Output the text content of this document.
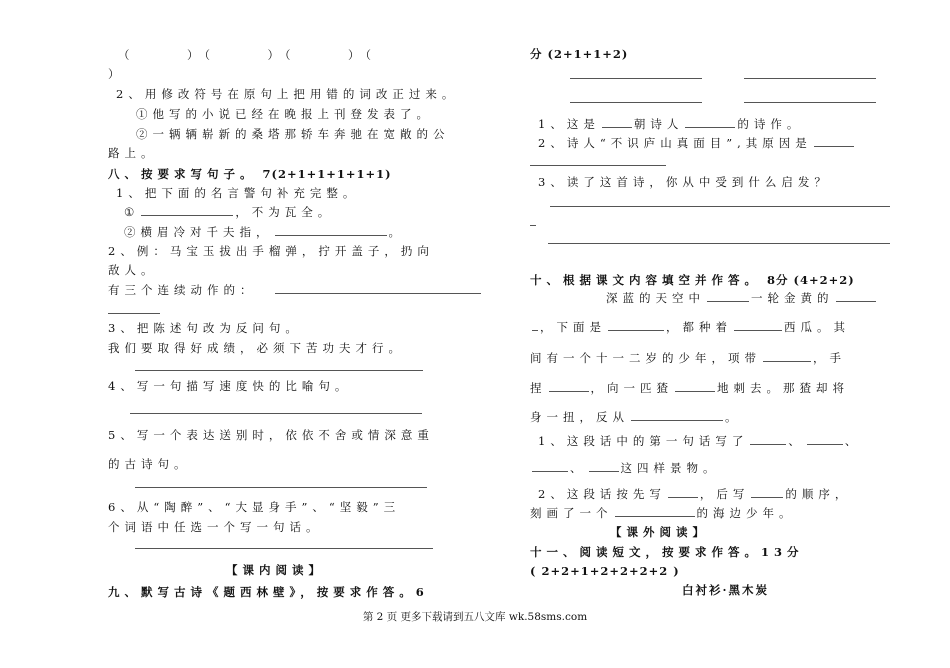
（　　　　　）　（　　　　　）　（　　　　　）　（
）
2、用修改符号在原句上把用错的词改正过来。
①他写的小说已经在晚报上刊登发表了。
②一辆辆崭新的桑塔那轿车奔驰在宽敞的公
路上。
八、按要求写句子。 7(2+1+1+1+1+1)
1、把下面的名言警句补充完整。
①	，不为瓦全。
②横眉冷对千夫指，	。
2、例：马宝玉拔出手榴弹，拧开盖子，扔向
敌人。
有三个连续动作的：
3、把陈述句改为反问句。
我们要取得好成绩，必须下苦功夫才行。
4、写一句描写速度快的比喻句。
5、写一个表达送别时，依依不舍或情深意重
的古诗句。
6、从“陶醉”、“大显身手”、“坚毅”三
个词语中任选一个写一句话。
【课内阅读】
九、默写古诗《题西林壁》，按要求作答。6
分 (2+1+1+2)
1、这是	朝诗人	的诗作。
2、诗人“不识庐山真面目”,其原因是
3、读了这首诗，你从中受到什么启发？
十、根据课文内容填空并作答。 8分 (4+2+2)
深蓝的天空中	一轮金黄的
，下面是	，都种着	西瓜。其
间有一个十一二岁的少年，项带	，手
捏	，向一匹猹	地刺去。那猹却将
身一扭，反从	。
1、这段话中的第一句话写了	、	、
、	这四样景物。
2、这段话按先写	，后写	的顺序，
刻画了一个	的海边少年。
【课外阅读】
十一、阅读短文，按要求作答。13分
( 2+2+1+2+2+2+2 )
白衬衫·黑木炭
第 2 页 更多下载请到五八文库 wk.58sms.com
